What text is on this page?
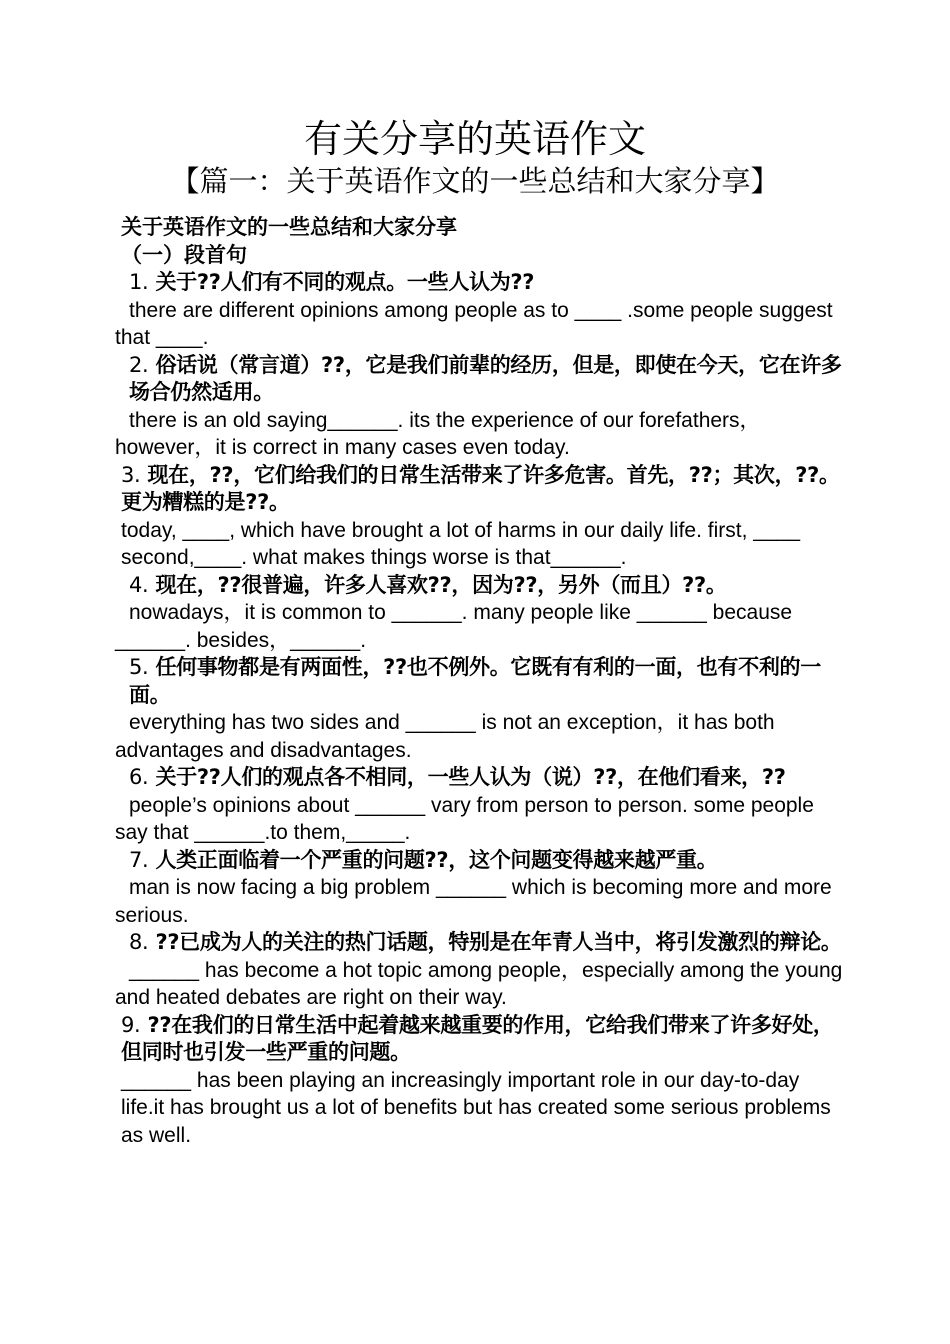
有关分享的英语作文
【篇一：关于英语作文的一些总结和大家分享】
关于英语作文的一些总结和大家分享
（一）段首句
1. 关于??人们有不同的观点。一些人认为??
there are different opinions among people as to ____ .some people suggest that ____.
2. 俗话说（常言道）??，它是我们前辈的经历，但是，即使在今天，它在许多场合仍然适用。
there is an old saying______. its the experience of our forefathers，however，it is correct in many cases even today.
3. 现在，??，它们给我们的日常生活带来了许多危害。首先，??；其次，??。更为糟糕的是??。
today, ____, which have brought a lot of harms in our daily life. first, ____ second,____. what makes things worse is that______.
4. 现在，??很普遍，许多人喜欢??，因为??，另外（而且）??。
nowadays，it is common to ______. many people like ______ because ______. besides，______.
5. 任何事物都是有两面性，??也不例外。它既有有利的一面，也有不利的一面。
everything has two sides and ______ is not an exception，it has both advantages and disadvantages.
6. 关于??人们的观点各不相同，一些人认为（说）??，在他们看来，??
people’s opinions about ______ vary from person to person. some people say that ______.to them,_____.
7. 人类正面临着一个严重的问题??，这个问题变得越来越严重。
man is now facing a big problem ______ which is becoming more and more serious.
8. ??已成为人的关注的热门话题，特别是在年青人当中，将引发激烈的辩论。
______ has become a hot topic among people，especially among the young and heated debates are right on their way.
9. ??在我们的日常生活中起着越来越重要的作用，它给我们带来了许多好处，但同时也引发一些严重的问题。
______ has been playing an increasingly important role in our day-to-day life.it has brought us a lot of benefits but has created some serious problems as well.
